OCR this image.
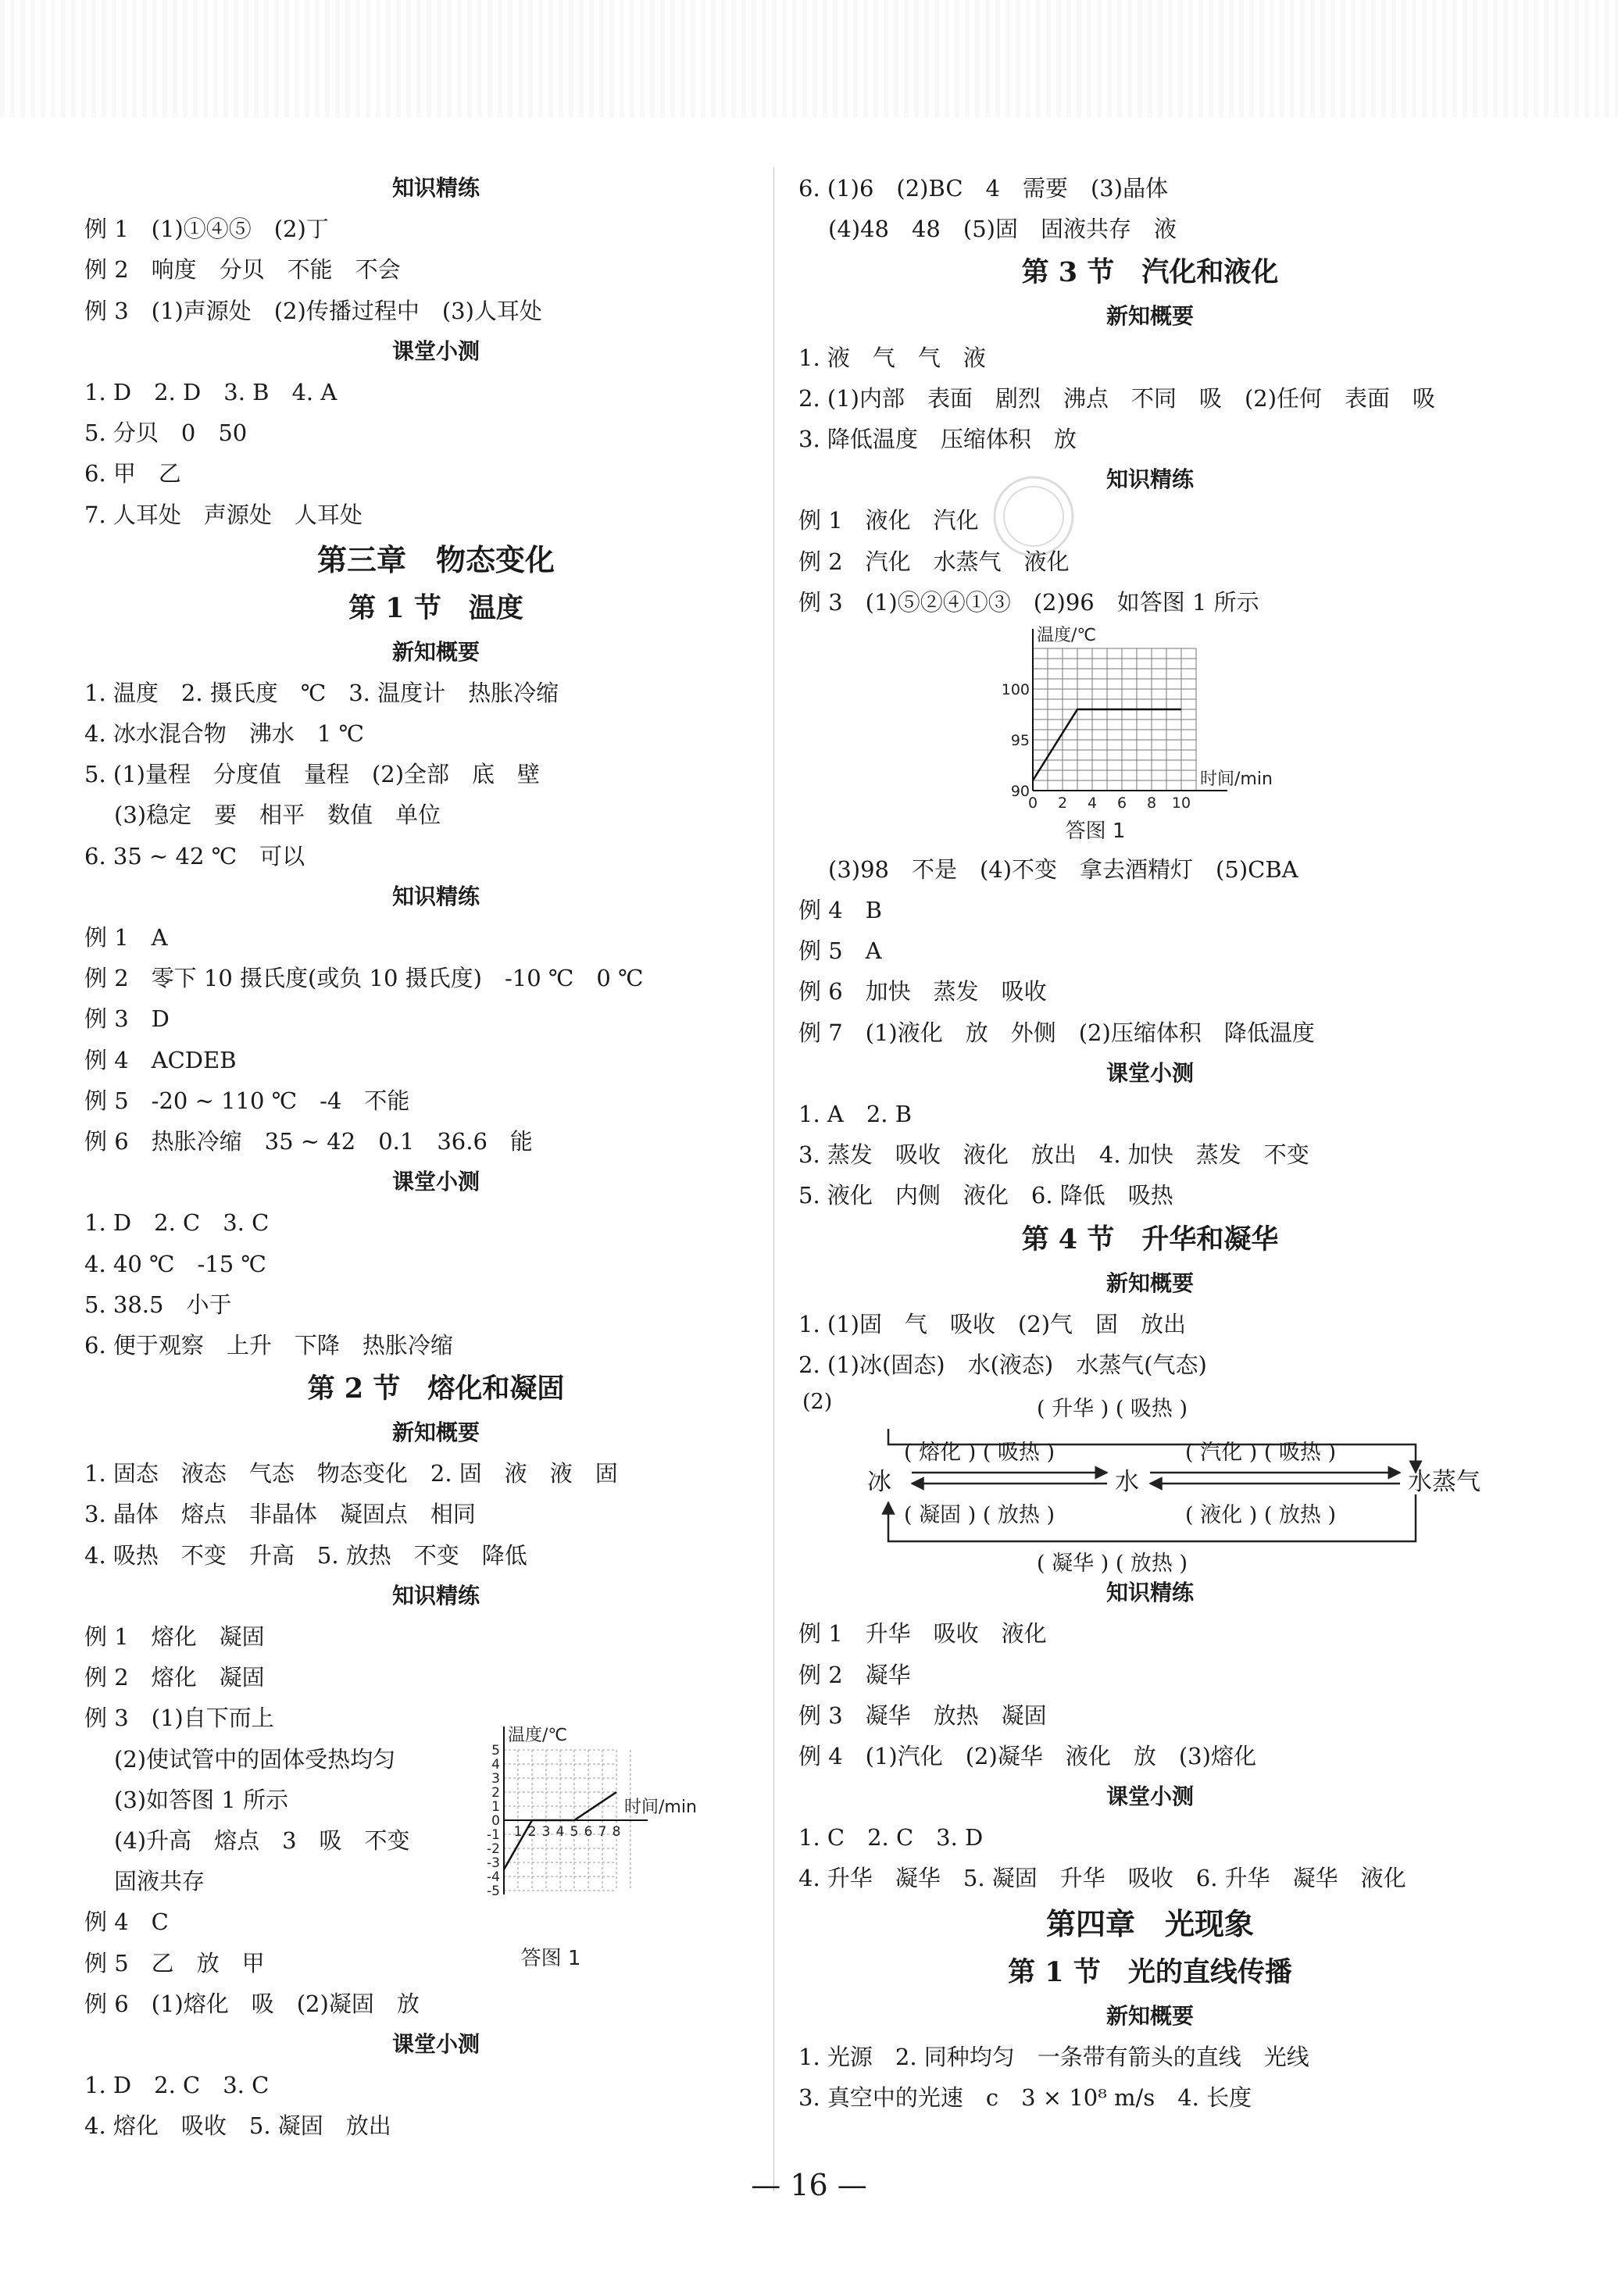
知识精练
例 1　(1)①④⑤　(2)丁
例 2　响度　分贝　不能　不会
例 3　(1)声源处　(2)传播过程中　(3)人耳处
课堂小测
1. D　2. D　3. B　4. A
5. 分贝　0　50
6. 甲　乙
7. 人耳处　声源处　人耳处
第三章　物态变化
第 1 节　温度
新知概要
1. 温度　2. 摄氏度　℃　3. 温度计　热胀冷缩
4. 冰水混合物　沸水　1 ℃
5. (1)量程　分度值　量程　(2)全部　底　壁
(3)稳定　要　相平　数值　单位
6. 35 ~ 42 ℃　可以
知识精练
例 1　A
例 2　零下 10 摄氏度(或负 10 摄氏度)　-10 ℃　0 ℃
例 3　D
例 4　ACDEB
例 5　-20 ~ 110 ℃　-4　不能
例 6　热胀冷缩　35 ~ 42　0.1　36.6　能
课堂小测
1. D　2. C　3. C
4. 40 ℃　-15 ℃
5. 38.5　小于
6. 便于观察　上升　下降　热胀冷缩
第 2 节　熔化和凝固
新知概要
1. 固态　液态　气态　物态变化　2. 固　液　液　固
3. 晶体　熔点　非晶体　凝固点　相同
4. 吸热　不变　升高　5. 放热　不变　降低
知识精练
例 1　熔化　凝固
例 2　熔化　凝固
例 3　(1)自下而上
(2)使试管中的固体受热均匀
(3)如答图 1 所示
(4)升高　熔点　3　吸　不变
固液共存
例 4　C
例 5　乙　放　甲
例 6　(1)熔化　吸　(2)凝固　放
课堂小测
1. D　2. C　3. C
4. 熔化　吸收　5. 凝固　放出
6. (1)6　(2)BC　4　需要　(3)晶体
(4)48　48　(5)固　固液共存　液
第 3 节　汽化和液化
新知概要
1. 液　气　气　液
2. (1)内部　表面　剧烈　沸点　不同　吸　(2)任何　表面　吸
3. 降低温度　压缩体积　放
知识精练
例 1　液化　汽化
例 2　汽化　水蒸气　液化
例 3　(1)⑤②④①③　(2)96　如答图 1 所示
温度/℃
时间/min
90
95
100
0 2 4 6 8 10
答图 1
(3)98　不是　(4)不变　拿去酒精灯　(5)CBA
例 4　B
例 5　A
例 6　加快　蒸发　吸收
例 7　(1)液化　放　外侧　(2)压缩体积　降低温度
课堂小测
1. A　2. B
3. 蒸发　吸收　液化　放出　4. 加快　蒸发　不变
5. 液化　内侧　液化　6. 降低　吸热
第 4 节　升华和凝华
新知概要
1. (1)固　气　吸收　(2)气　固　放出
2. (1)冰(固态)　水(液态)　水蒸气(气态)
(2)	( 升华 ) ( 吸热 )
冰	水	水蒸气
( 熔化 ) ( 吸热 )	( 汽化 ) ( 吸热 )
( 凝固 ) ( 放热 )	( 液化 ) ( 放热 )
( 凝华 ) ( 放热 )
知识精练
例 1　升华　吸收　液化
例 2　凝华
例 3　凝华　放热　凝固
例 4　(1)汽化　(2)凝华　液化　放　(3)熔化
课堂小测
1. C　2. C　3. D
4. 升华　凝华　5. 凝固　升华　吸收　6. 升华　凝华　液化
第四章　光现象
第 1 节　光的直线传播
新知概要
1. 光源　2. 同种均匀　一条带有箭头的直线　光线
3. 真空中的光速　c　3 × 10⁸ m/s　4. 长度
温度/℃
时间/min
5
4
3
2
1
0
-1
-2
-3
-4
-5
1 2 3 4 5 6 7 8
答图 1
— 16 —
